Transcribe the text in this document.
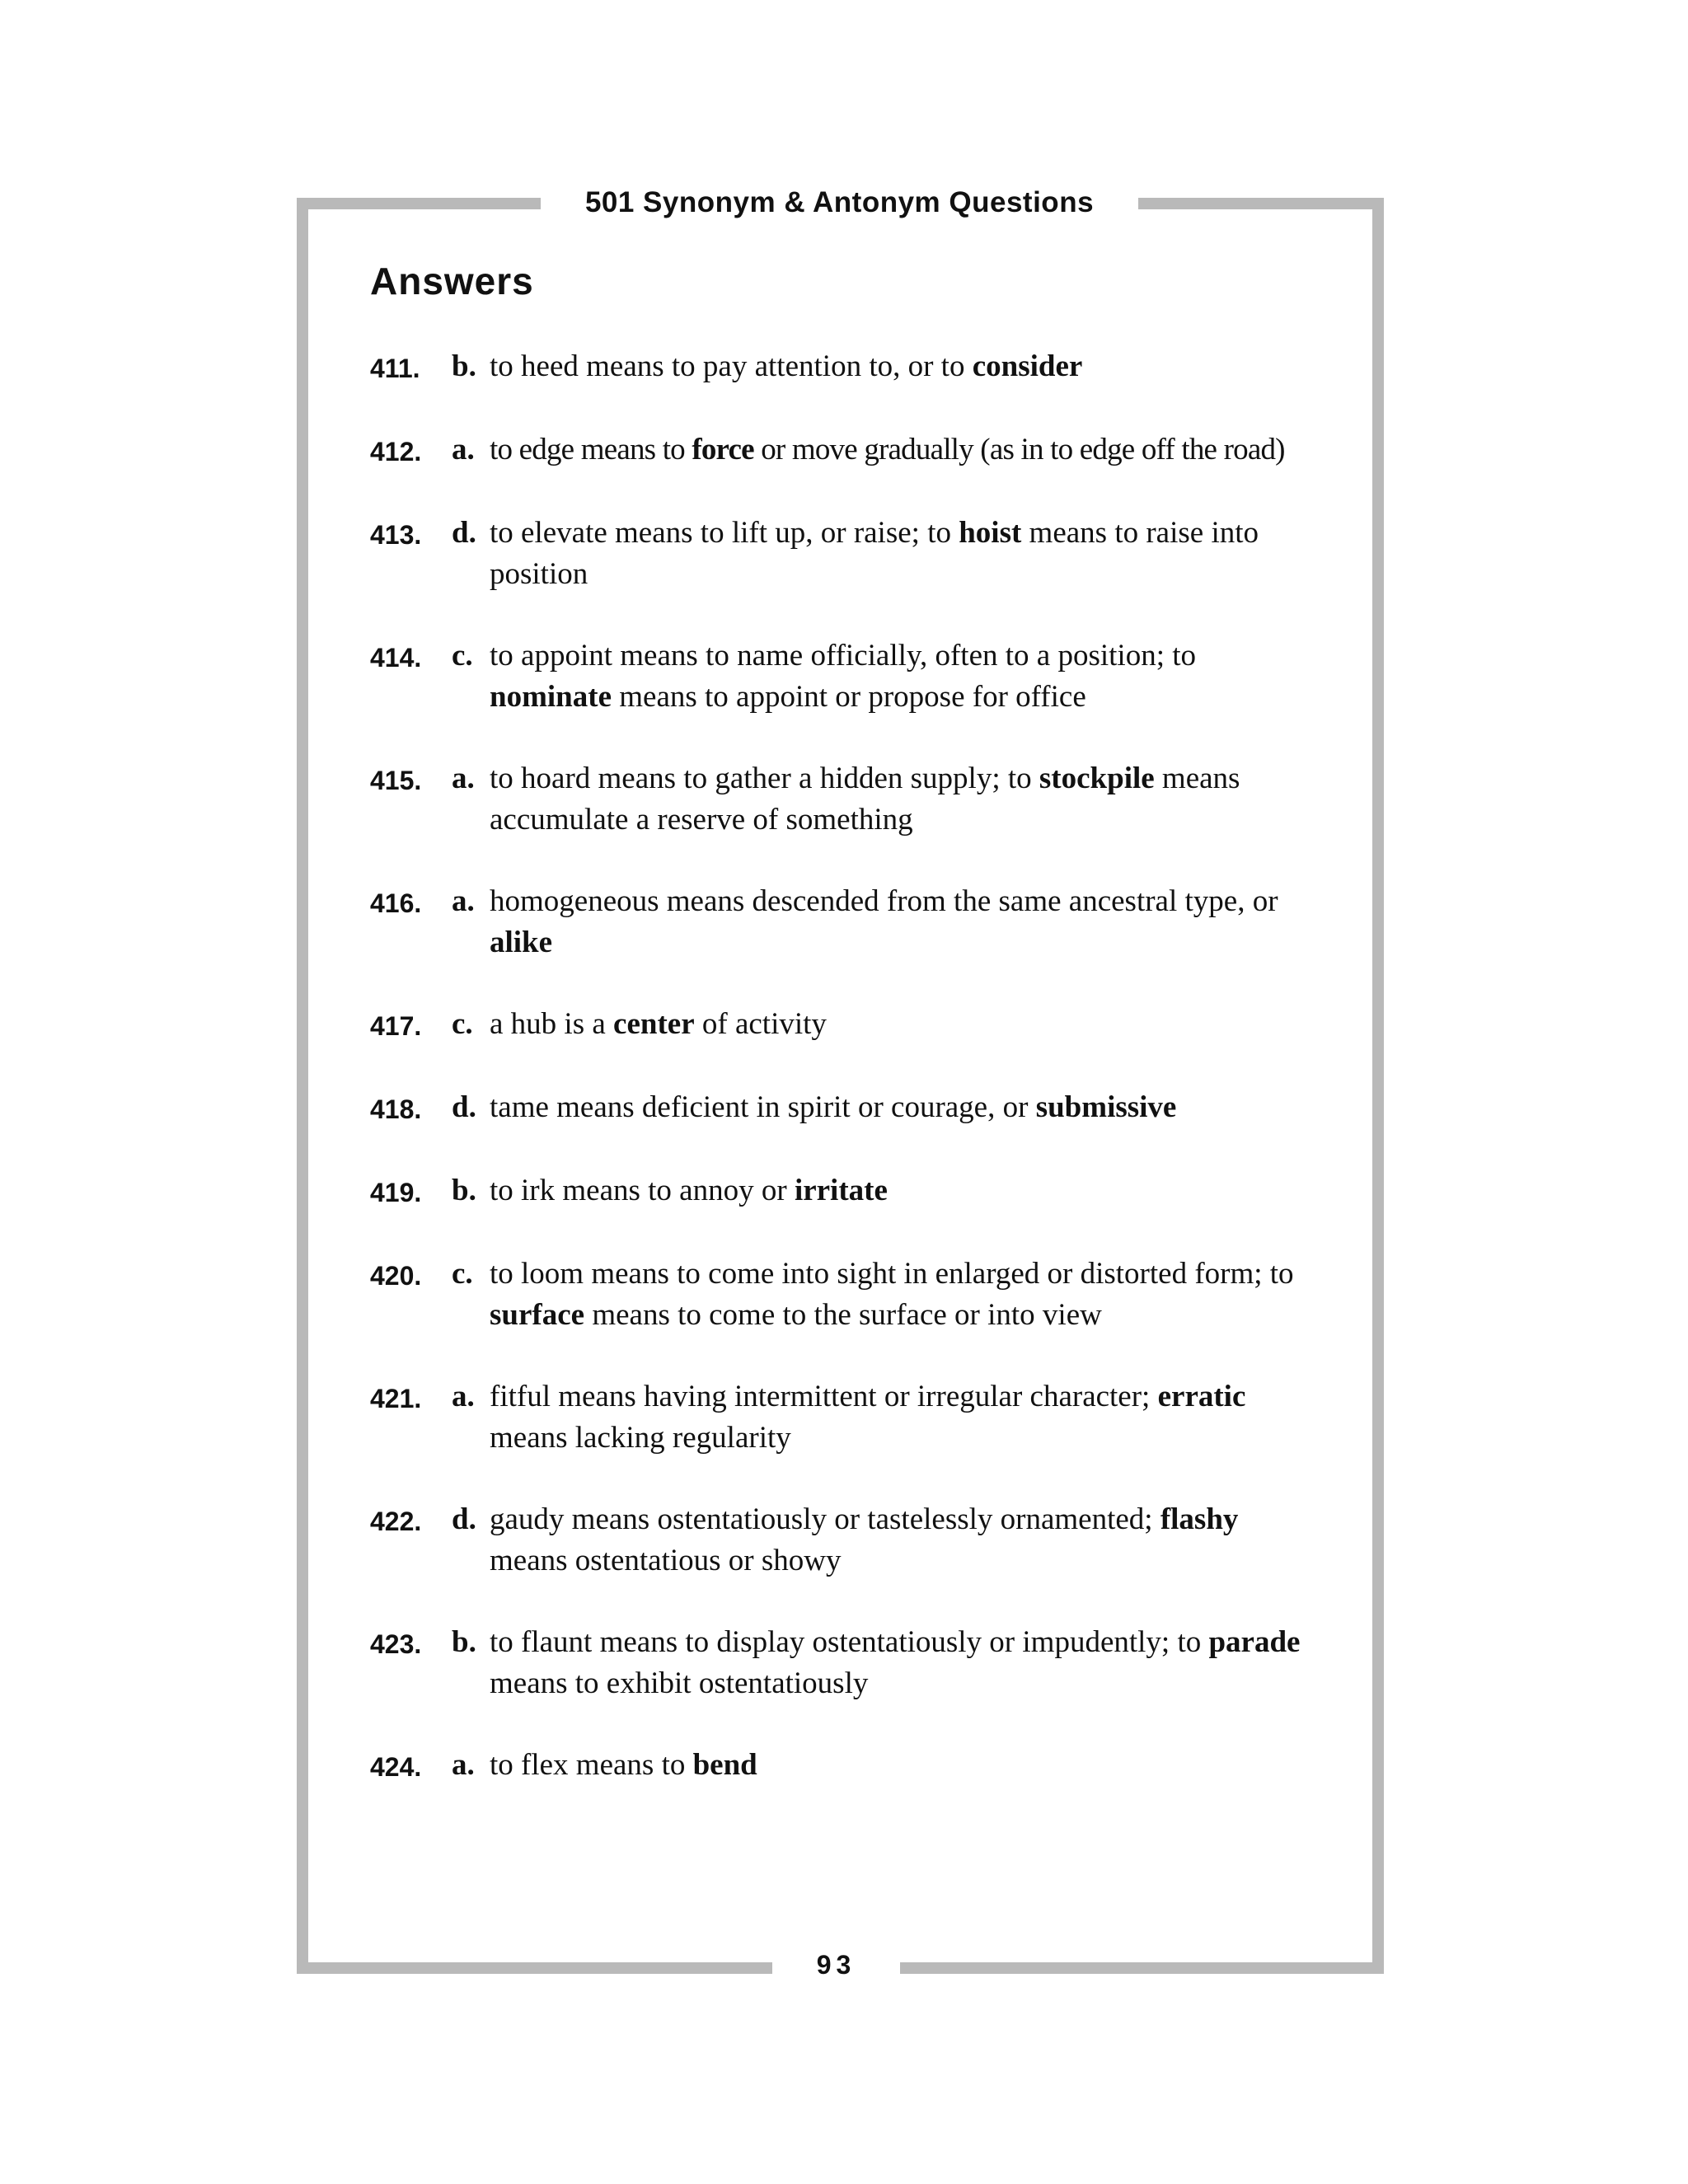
501 Synonym & Antonym Questions
Answers
411.	b. to heed means to pay attention to, or to consider
412. a. to edge means to force or move gradually (as in to edge off the road)
413. d. to elevate means to lift up, or raise; to hoist means to raise into position
414. c. to appoint means to name officially, often to a position; to nominate means to appoint or propose for office
415. a. to hoard means to gather a hidden supply; to stockpile means accumulate a reserve of something
416. a. homogeneous means descended from the same ancestral type, or alike
417. c. a hub is a center of activity
418. d. tame means deficient in spirit or courage, or submissive
419. b. to irk means to annoy or irritate
420. c. to loom means to come into sight in enlarged or distorted form; to surface means to come to the surface or into view
421. a. fitful means having intermittent or irregular character; erratic means lacking regularity
422. d. gaudy means ostentatiously or tastelessly ornamented; flashy means ostentatious or showy
423. b. to flaunt means to display ostentatiously or impudently; to parade means to exhibit ostentatiously
424. a. to flex means to bend
93
